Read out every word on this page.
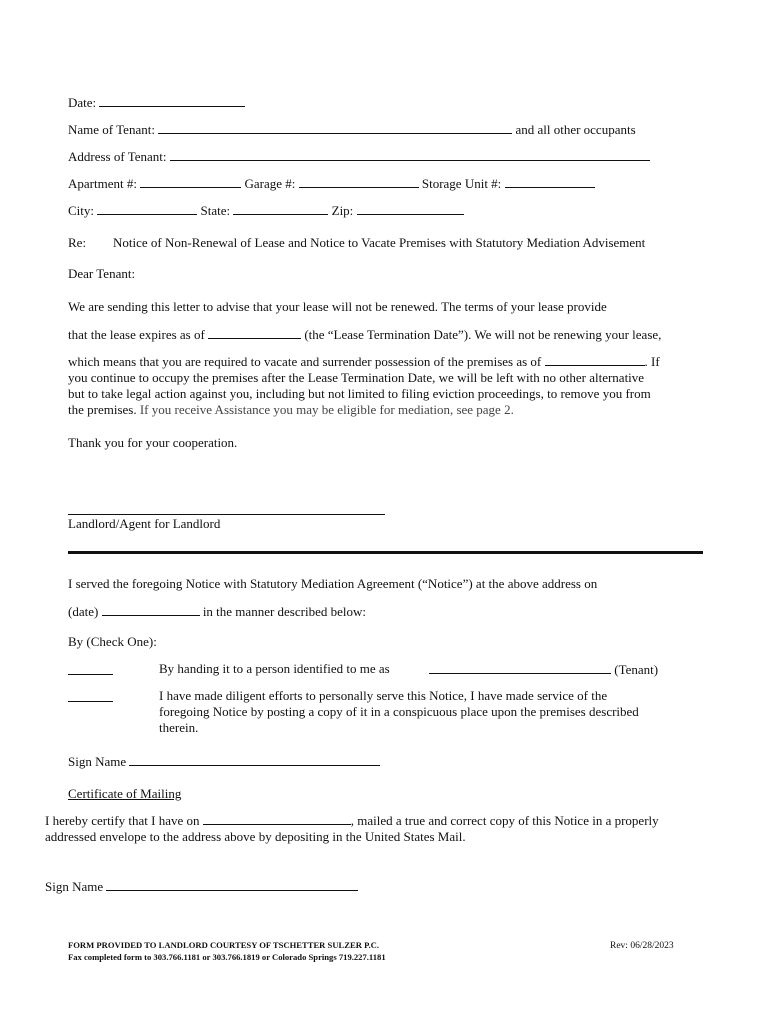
Date:
Name of Tenant:	and all other occupants
Address of Tenant:
Apartment #:	Garage #:	Storage Unit #:
City:	State:	Zip:
Re: Notice of Non-Renewal of Lease and Notice to Vacate Premises with Statutory Mediation Advisement
Dear Tenant:
We are sending this letter to advise that your lease will not be renewed. The terms of your lease provide
that the lease expires as of	(the “Lease Termination Date”). We will not be renewing your lease,
which means that you are required to vacate and surrender possession of the premises as of	. If
you continue to occupy the premises after the Lease Termination Date, we will be left with no other alternative
but to take legal action against you, including but not limited to filing eviction proceedings, to remove you from
the premises. If you receive Assistance you may be eligible for mediation, see page 2.
Thank you for your cooperation.
Landlord/Agent for Landlord
I served the foregoing Notice with Statutory Mediation Agreement (“Notice”) at the above address on
(date)	in the manner described below:
By (Check One):
By handing it to a person identified to me as	(Tenant)
I have made diligent efforts to personally serve this Notice, I have made service of the
foregoing Notice by posting a copy of it in a conspicuous place upon the premises described
therein.
Sign Name
Certificate of Mailing
I hereby certify that I have on	, mailed a true and correct copy of this Notice in a properly
addressed envelope to the address above by depositing in the United States Mail.
Sign Name
FORM PROVIDED TO LANDLORD COURTESY OF TSCHETTER SULZER P.C.
Fax completed form to 303.766.1181 or 303.766.1819 or Colorado Springs 719.227.1181
Rev: 06/28/2023
